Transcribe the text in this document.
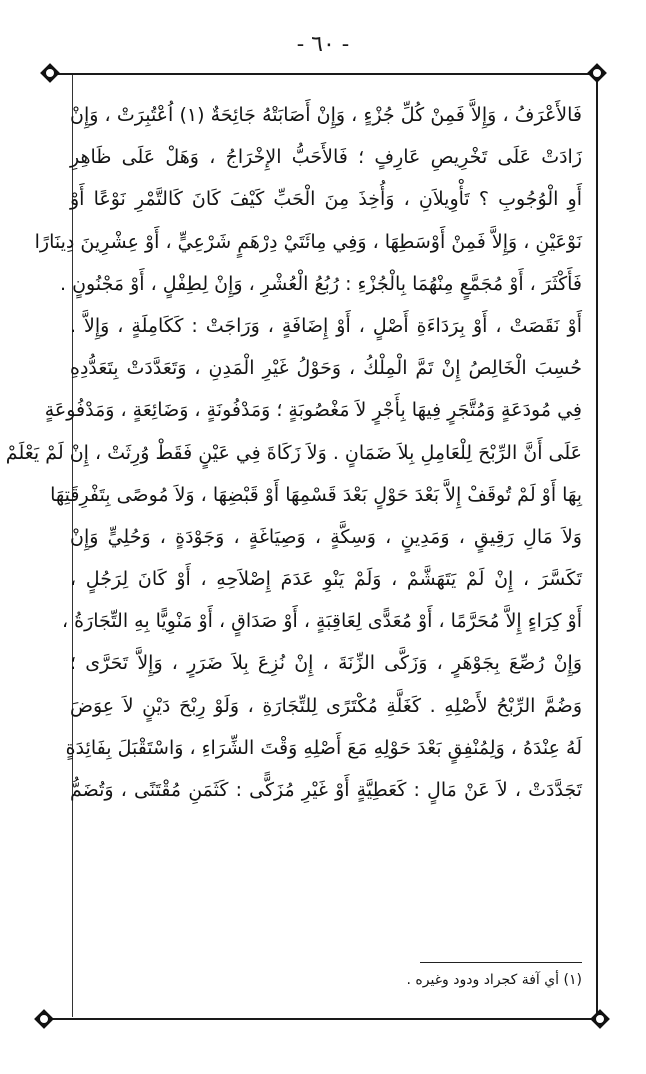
- ٦٠ -
فَالأَعْرَفُ ، وَإِلاَّ فَمِنْ كُلِّ جُزْءٍ ، وَإِنْ أَصَابَتْهُ جَائِحَةٌ (١) اُعْتُبِرَتْ ، وَإِنْ
زَادَتْ عَلَى تَخْرِيصِ عَارِفٍ ؛ فَالأَحَبُّ الإِخْرَاجُ ، وَهَلْ عَلَى ظَاهِرِ
أَوِ الْوُجُوبِ ؟ تَأْوِيلاَنِ ، وَأُخِذَ مِنَ الْحَبِّ كَيْفَ كَانَ كَالتَّمْرِ نَوْعًا أَوْ
نَوْعَيْنِ ، وَإِلاَّ فَمِنْ أَوْسَطِهَا ، وَفِي مِائَتَيْ دِرْهَمٍ شَرْعِيٍّ ، أَوْ عِشْرِينَ دِينَارًا
فَأَكْثَرَ ، أَوْ مُجَمَّعٍ مِنْهُمَا بِالْجُزْءِ : رُبُعُ الْعُشْرِ ، وَإِنْ لِطِفْلٍ ، أَوْ مَجْنُونٍ .
أَوْ نَقَصَتْ ، أَوْ بِرَدَاءَةِ أَصْلٍ ، أَوْ إِضَافَةٍ ، وَرَاجَتْ : كَكَامِلَةٍ ، وَإِلاَّ .
حُسِبَ الْخَالِصُ إِنْ تَمَّ الْمِلْكُ ، وَحَوْلُ غَيْرِ الْمَدِنِ ، وَتَعَدَّدَتْ بِتَعَدُّدِهِ
فِي مُودَعَةٍ وَمُتَّجَرٍ فِيهَا بِأَجْرٍ لاَ مَغْصُوبَةٍ ؛ وَمَدْفُونَةٍ ، وَضَائِعَةٍ ، وَمَدْفُوعَةٍ
عَلَى أَنَّ الرِّبْحَ لِلْعَامِلِ بِلاَ ضَمَانٍ . وَلاَ زَكَاةَ فِي عَيْنٍ فَقَطْ وُرِثَتْ ، إِنْ لَمْ يَعْلَمْ
بِهَا أَوْ لَمْ تُوقَفْ إِلاَّ بَعْدَ حَوْلٍ بَعْدَ قَسْمِهَا أَوْ قَبْضِهَا ، وَلاَ مُوصًى بِتَفْرِقَتِهَا
وَلاَ مَالِ رَقِيقٍ ، وَمَدِينٍ ، وَسِكَّةٍ ، وَصِيَاغَةٍ ، وَجَوْدَةٍ ، وَحُلِيٍّ وَإِنْ
تَكَسَّرَ ، إِنْ لَمْ يَتَهَشَّمْ ، وَلَمْ يَنْوِ عَدَمَ إِصْلاَحِهِ ، أَوْ كَانَ لِرَجُلٍ ،
أَوْ كِرَاءٍ إِلاَّ مُحَرَّمًا ، أَوْ مُعَدًّى لِعَاقِبَةٍ ، أَوْ صَدَاقٍ ، أَوْ مَنْوِيًّا بِهِ التِّجَارَةُ ،
وَإِنْ رُصِّعَ بِجَوْهَرٍ ، وَزَكَّى الزِّنَةَ ، إِنْ نُزِعَ بِلاَ ضَرَرٍ ، وَإِلاَّ تَحَرَّى ؛
وَضُمَّ الرِّبْحُ لأَصْلِهِ . كَغَلَّةِ مُكْتَرًى لِلتِّجَارَةِ ، وَلَوْ رِبْحَ دَيْنٍ لاَ عِوَضَ
لَهُ عِنْدَهُ ، وَلِمُنْفِقٍ بَعْدَ حَوْلِهِ مَعَ أَصْلِهِ وَقْتَ الشِّرَاءِ ، وَاسْتَقْبَلَ بِفَائِدَةٍ
تَجَدَّدَتْ ، لاَ عَنْ مَالٍ : كَعَطِيَّةٍ أَوْ غَيْرِ مُزَكًّى : كَثَمَنِ مُقْتَنًى ، وَتُضَمُّ
(١) أي آفة كجراد ودود وغيره .
